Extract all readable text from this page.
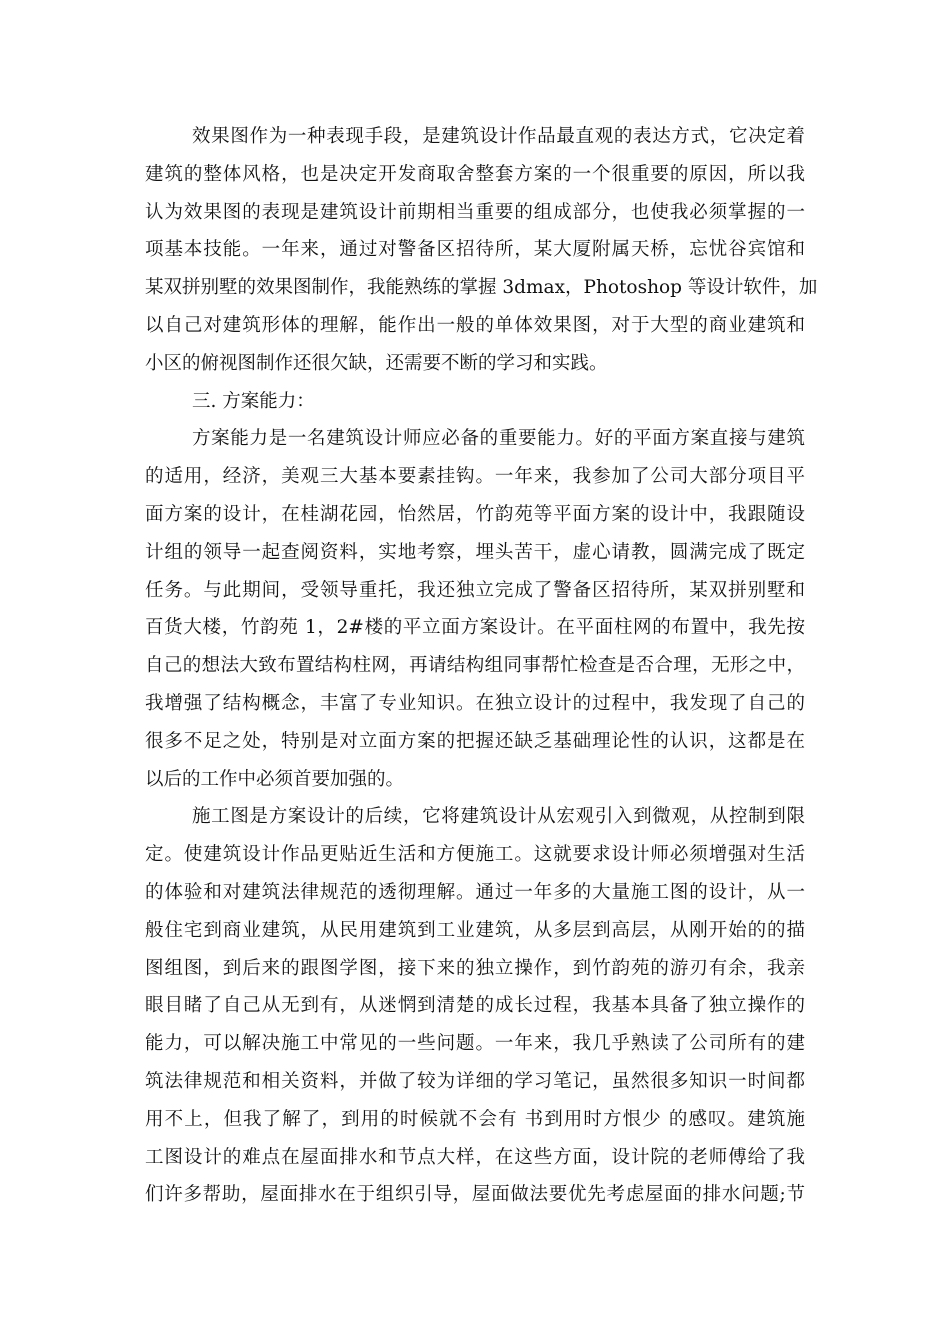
效果图作为一种表现手段，是建筑设计作品最直观的表达方式，它决定着
建筑的整体风格，也是决定开发商取舍整套方案的一个很重要的原因，所以我
认为效果图的表现是建筑设计前期相当重要的组成部分，也使我必须掌握的一
项基本技能。一年来，通过对警备区招待所，某大厦附属天桥，忘忧谷宾馆和
某双拼别墅的效果图制作，我能熟练的掌握 3dmax，Photoshop 等设计软件，加
以自己对建筑形体的理解，能作出一般的单体效果图，对于大型的商业建筑和
小区的俯视图制作还很欠缺，还需要不断的学习和实践。
三. 方案能力：
方案能力是一名建筑设计师应必备的重要能力。好的平面方案直接与建筑
的适用，经济，美观三大基本要素挂钩。一年来，我参加了公司大部分项目平
面方案的设计，在桂湖花园，怡然居，竹韵苑等平面方案的设计中，我跟随设
计组的领导一起查阅资料，实地考察，埋头苦干，虚心请教，圆满完成了既定
任务。与此期间，受领导重托，我还独立完成了警备区招待所，某双拼别墅和
百货大楼，竹韵苑 1，2#楼的平立面方案设计。在平面柱网的布置中，我先按
自己的想法大致布置结构柱网，再请结构组同事帮忙检查是否合理，无形之中，
我增强了结构概念，丰富了专业知识。在独立设计的过程中，我发现了自己的
很多不足之处，特别是对立面方案的把握还缺乏基础理论性的认识，这都是在
以后的工作中必须首要加强的。
施工图是方案设计的后续，它将建筑设计从宏观引入到微观，从控制到限
定。使建筑设计作品更贴近生活和方便施工。这就要求设计师必须增强对生活
的体验和对建筑法律规范的透彻理解。通过一年多的大量施工图的设计，从一
般住宅到商业建筑，从民用建筑到工业建筑，从多层到高层，从刚开始的的描
图组图，到后来的跟图学图，接下来的独立操作，到竹韵苑的游刃有余，我亲
眼目睹了自己从无到有，从迷惘到清楚的成长过程，我基本具备了独立操作的
能力，可以解决施工中常见的一些问题。一年来，我几乎熟读了公司所有的建
筑法律规范和相关资料，并做了较为详细的学习笔记，虽然很多知识一时间都
用不上，但我了解了，到用的时候就不会有 书到用时方恨少 的感叹。建筑施
工图设计的难点在屋面排水和节点大样，在这些方面，设计院的老师傅给了我
们许多帮助，屋面排水在于组织引导，屋面做法要优先考虑屋面的排水问题;节
